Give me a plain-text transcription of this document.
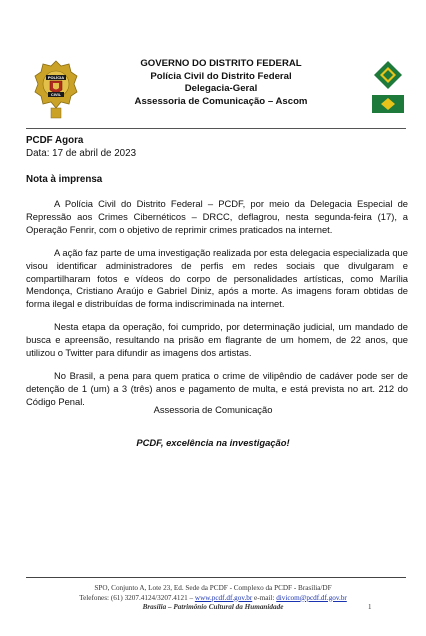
POLÍCIA
CIVIL
GOVERNO DO DISTRITO FEDERAL
Polícia Civil do Distrito Federal
Delegacia-Geral
Assessoria de Comunicação – Ascom
PCDF Agora
Data: 17 de abril de 2023
Nota à imprensa

A Polícia Civil do Distrito Federal – PCDF, por meio da Delegacia Especial de Repressão aos Crimes Cibernéticos – DRCC, deflagrou, nesta segunda-feira (17), a Operação Fenrir, com o objetivo de reprimir crimes praticados na internet.

A ação faz parte de uma investigação realizada por esta delegacia especializada que visou identificar administradores de perfis em redes sociais que divulgaram e compartilharam fotos e vídeos do corpo de personalidades artísticas, como Marília Mendonça, Cristiano Araújo e Gabriel Diniz, após a morte. As imagens foram obtidas de forma ilegal e distribuídas de forma indiscriminada na internet.

Nesta etapa da operação, foi cumprido, por determinação judicial, um mandado de busca e apreensão, resultando na prisão em flagrante de um homem, de 22 anos, que utilizou o Twitter para difundir as imagens dos artistas.

No Brasil, a pena para quem pratica o crime de vilipêndio de cadáver pode ser de detenção de 1 (um) a 3 (três) anos e pagamento de multa, e está prevista no art. 212 do Código Penal.

Assessoria de Comunicação
PCDF, excelência na investigação!
SPO, Conjunto A, Lote 23, Ed. Sede da PCDF - Complexo da PCDF - Brasília/DF
Telefones: (61) 3207.4124/3207.4121 – www.pcdf.df.gov.br e-mail: divicom@pcdf.df.gov.br
Brasília – Patrimônio Cultural da Humanidade	1
